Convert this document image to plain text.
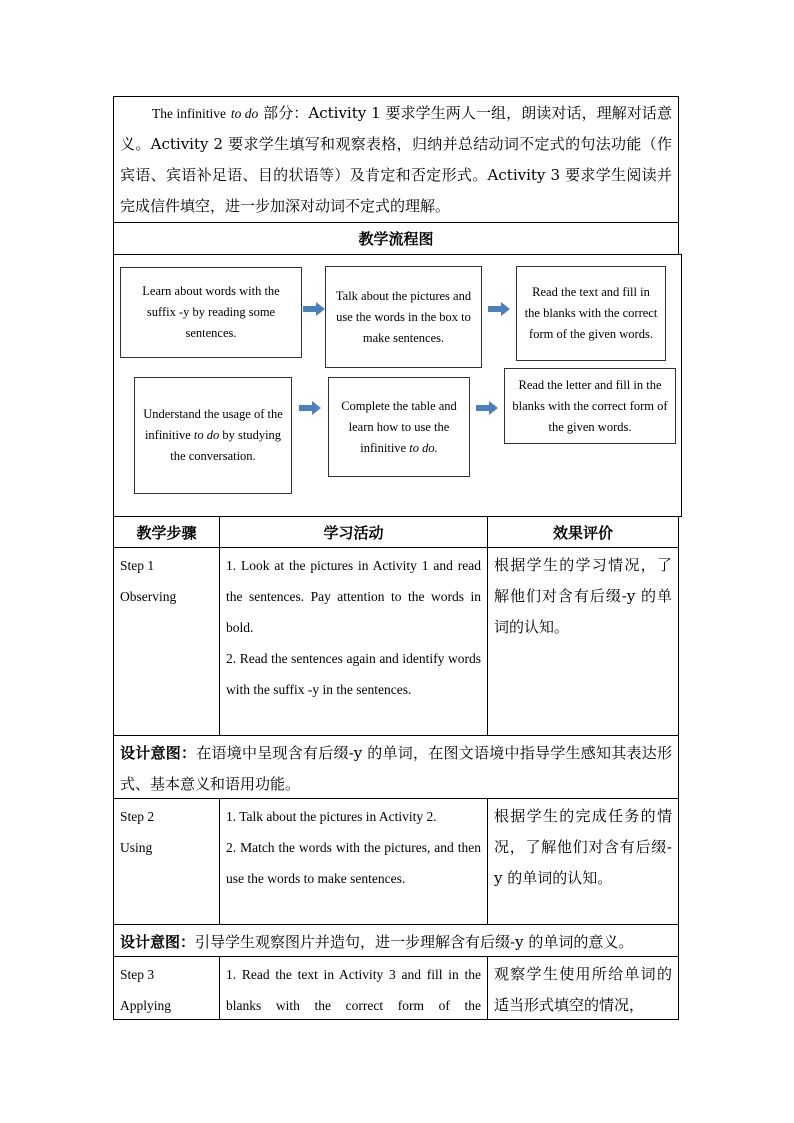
The infinitive to do 部分：Activity 1 要求学生两人一组，朗读对话，理解对话意义。Activity 2 要求学生填写和观察表格，归纳并总结动词不定式的句法功能（作宾语、宾语补足语、目的状语等）及肯定和否定形式。Activity 3 要求学生阅读并完成信件填空，进一步加深对动词不定式的理解。

教学流程图
Learn about words with the suffix -y by reading some sentences.
Talk about the pictures and use the words in the box to make sentences.
Read the text and fill in the blanks with the correct form of the given words.
Understand the usage of the infinitive to do by studying the conversation.
Complete the table and learn how to use the infinitive to do.
Read the letter and fill in the blanks with the correct form of the given words.
教学步骤	学习活动	效果评价

Step 1

Observing

1. Look at the pictures in Activity 1 and read the sentences. Pay attention to the words in bold.

2. Read the sentences again and identify words with the suffix -y in the sentences.

根据学生的学习情况，了解他们对含有后缀-y 的单词的认知。

设计意图：在语境中呈现含有后缀-y 的单词，在图文语境中指导学生感知其表达形式、基本意义和语用功能。

Step 2

Using

1. Talk about the pictures in Activity 2.

2. Match the words with the pictures, and then use the words to make sentences.

根据学生的完成任务的情况，了解他们对含有后缀-y 的单词的认知。

设计意图：引导学生观察图片并造句，进一步理解含有后缀-y 的单词的意义。

Step 3

Applying

1. Read the text in Activity 3 and fill in the blanks with the correct form of the

观察学生使用所给单词的适当形式填空的情况，
